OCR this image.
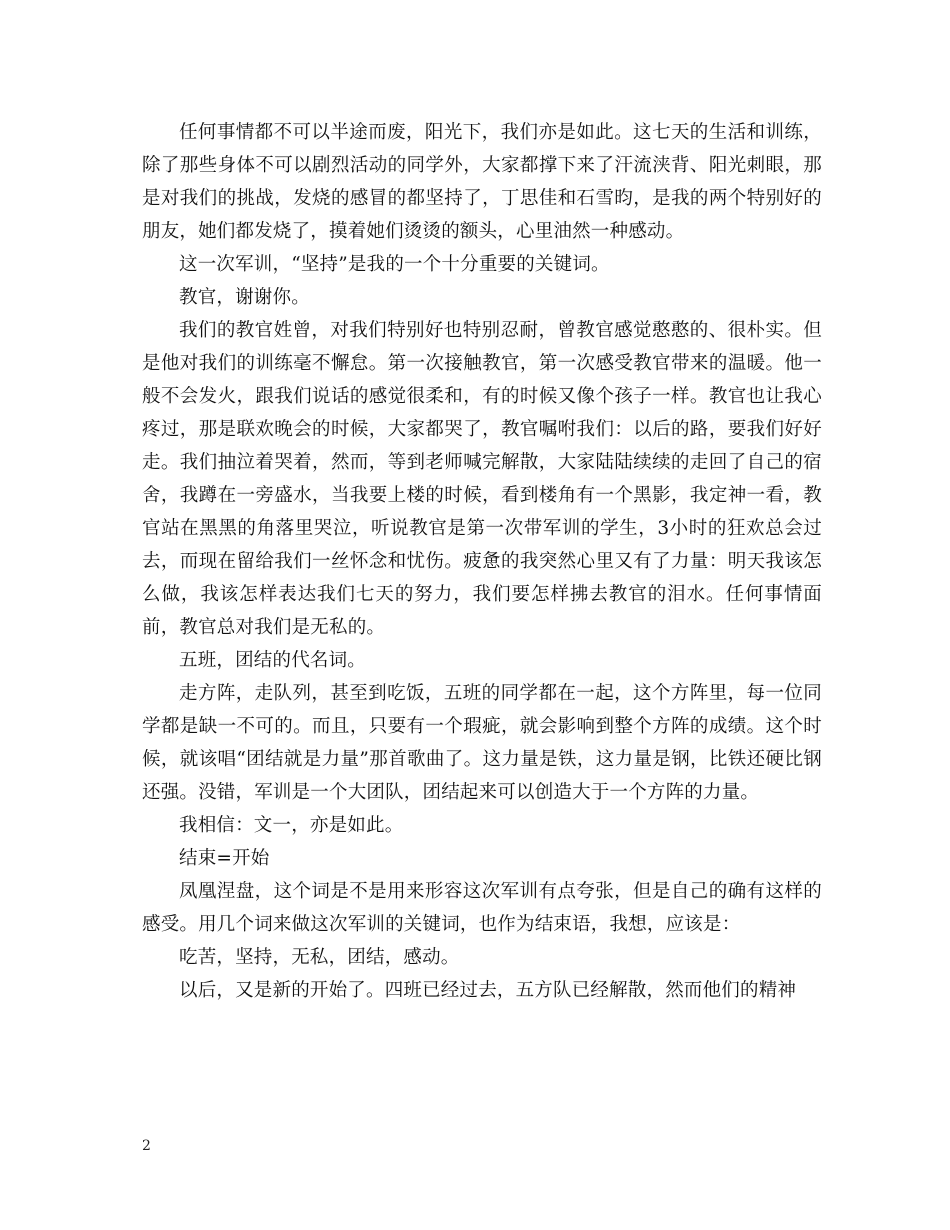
任何事情都不可以半途而废，阳光下，我们亦是如此。这七天的生活和训练，除了那些身体不可以剧烈活动的同学外，大家都撑下来了汗流浃背、阳光刺眼，那是对我们的挑战，发烧的感冒的都坚持了，丁思佳和石雪昀，是我的两个特别好的朋友，她们都发烧了，摸着她们烫烫的额头，心里油然一种感动。

这一次军训，“坚持”是我的一个十分重要的关键词。

教官，谢谢你。

我们的教官姓曾，对我们特别好也特别忍耐，曾教官感觉憨憨的、很朴实。但是他对我们的训练毫不懈怠。第一次接触教官，第一次感受教官带来的温暖。他一般不会发火，跟我们说话的感觉很柔和，有的时候又像个孩子一样。教官也让我心疼过，那是联欢晚会的时候，大家都哭了，教官嘱咐我们：以后的路，要我们好好走。我们抽泣着哭着，然而，等到老师喊完解散，大家陆陆续续的走回了自己的宿舍，我蹲在一旁盛水，当我要上楼的时候，看到楼角有一个黑影，我定神一看，教官站在黑黑的角落里哭泣，听说教官是第一次带军训的学生，3小时的狂欢总会过去，而现在留给我们一丝怀念和忧伤。疲惫的我突然心里又有了力量：明天我该怎么做，我该怎样表达我们七天的努力，我们要怎样拂去教官的泪水。任何事情面前，教官总对我们是无私的。

五班，团结的代名词。

走方阵，走队列，甚至到吃饭，五班的同学都在一起，这个方阵里，每一位同学都是缺一不可的。而且，只要有一个瑕疵，就会影响到整个方阵的成绩。这个时候，就该唱“团结就是力量”那首歌曲了。这力量是铁，这力量是钢，比铁还硬比钢还强。没错，军训是一个大团队，团结起来可以创造大于一个方阵的力量。

我相信：文一，亦是如此。

结束=开始

凤凰涅盘，这个词是不是用来形容这次军训有点夸张，但是自己的确有这样的感受。用几个词来做这次军训的关键词，也作为结束语，我想，应该是：

吃苦，坚持，无私，团结，感动。

以后，又是新的开始了。四班已经过去，五方队已经解散，然而他们的精神

2
